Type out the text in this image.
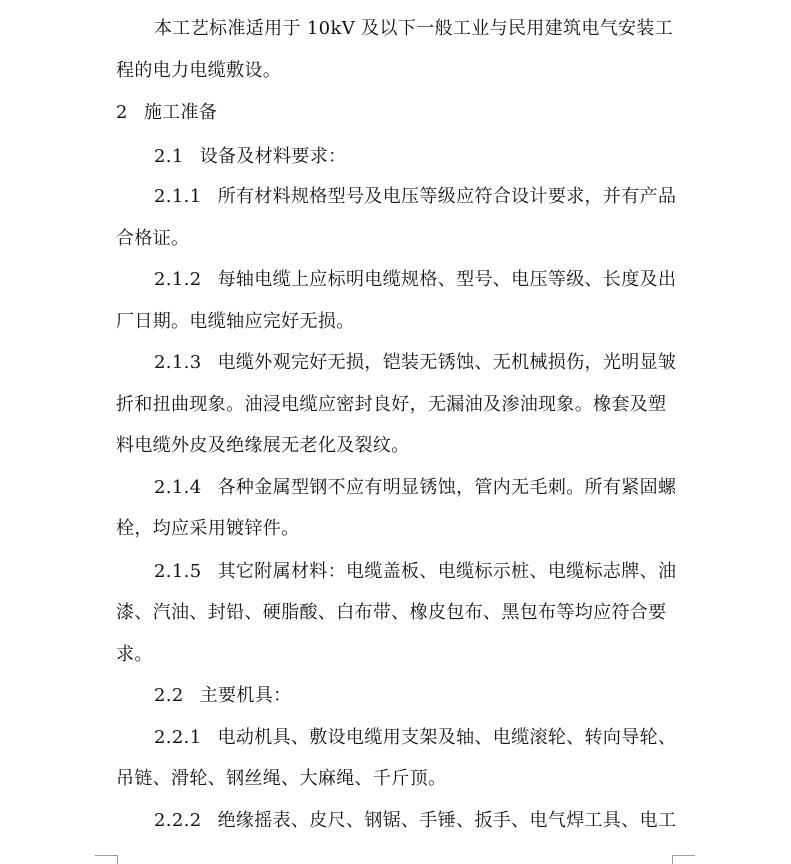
本工艺标准适用于 10kV 及以下一般工业与民用建筑电气安装工
程的电力电缆敷设。
2 施工准备
2.1 设备及材料要求：
2.1.1 所有材料规格型号及电压等级应符合设计要求，并有产品
合格证。
2.1.2 每轴电缆上应标明电缆规格、型号、电压等级、长度及出
厂日期。电缆轴应完好无损。
2.1.3 电缆外观完好无损，铠装无锈蚀、无机械损伤，光明显皱
折和扭曲现象。油浸电缆应密封良好，无漏油及渗油现象。橡套及塑
料电缆外皮及绝缘展无老化及裂纹。
2.1.4 各种金属型钢不应有明显锈蚀，管内无毛刺。所有紧固螺
栓，均应采用镀锌件。
2.1.5 其它附属材料：电缆盖板、电缆标示桩、电缆标志牌、油
漆、汽油、封铅、硬脂酸、白布带、橡皮包布、黑包布等均应符合要
求。
2.2 主要机具：
2.2.1 电动机具、敷设电缆用支架及轴、电缆滚轮、转向导轮、
吊链、滑轮、钢丝绳、大麻绳、千斤顶。
2.2.2 绝缘摇表、皮尺、钢锯、手锤、扳手、电气焊工具、电工
